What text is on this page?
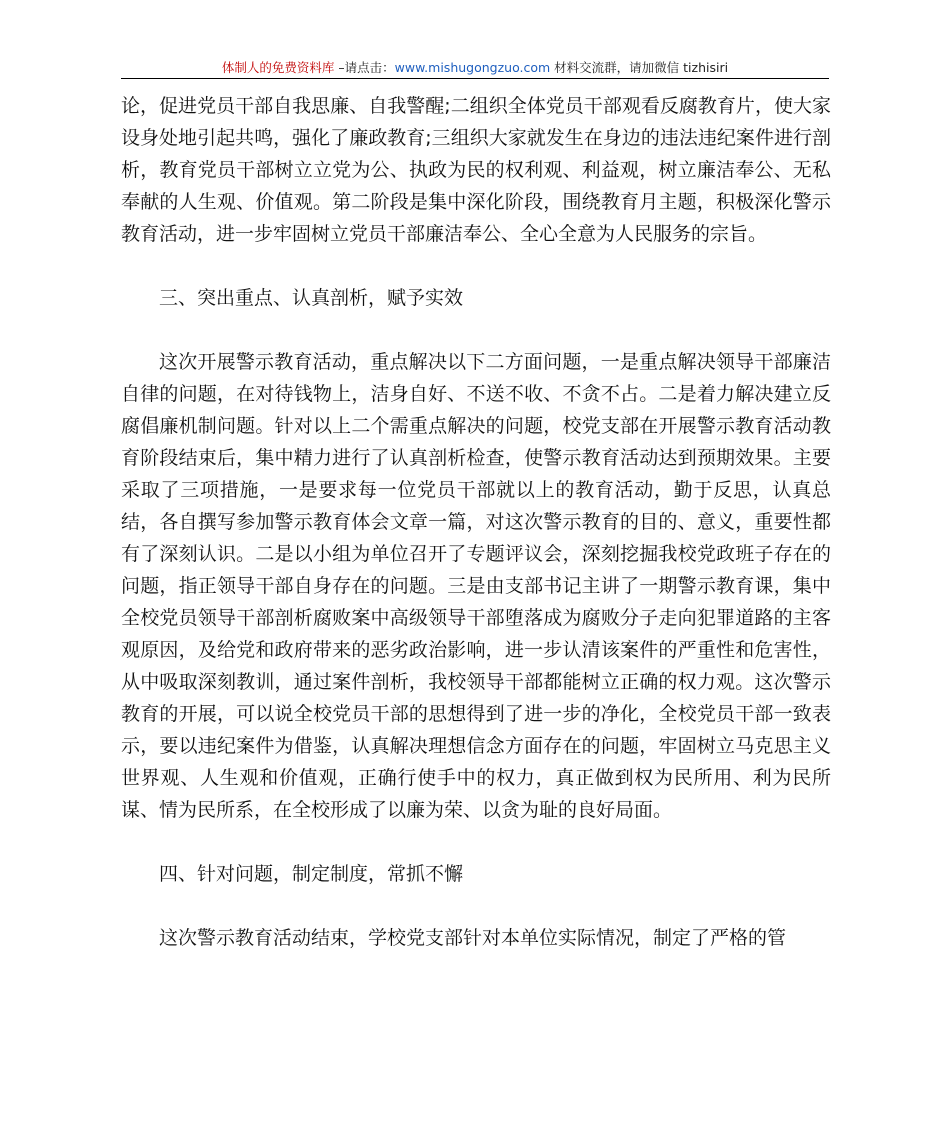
体制人的免费资料库 –请点击：www.mishugongzuo.com 材料交流群，请加微信 tizhisiri

论，促进党员干部自我思廉、自我警醒;二组织全体党员干部观看反腐教育片，使大家设身处地引起共鸣，强化了廉政教育;三组织大家就发生在身边的违法违纪案件进行剖析，教育党员干部树立立党为公、执政为民的权利观、利益观，树立廉洁奉公、无私奉献的人生观、价值观。第二阶段是集中深化阶段，围绕教育月主题，积极深化警示教育活动，进一步牢固树立党员干部廉洁奉公、全心全意为人民服务的宗旨。

三、突出重点、认真剖析，赋予实效

这次开展警示教育活动，重点解决以下二方面问题，一是重点解决领导干部廉洁自律的问题，在对待钱物上，洁身自好、不送不收、不贪不占。二是着力解决建立反腐倡廉机制问题。针对以上二个需重点解决的问题，校党支部在开展警示教育活动教育阶段结束后，集中精力进行了认真剖析检查，使警示教育活动达到预期效果。主要采取了三项措施，一是要求每一位党员干部就以上的教育活动，勤于反思，认真总结，各自撰写参加警示教育体会文章一篇，对这次警示教育的目的、意义，重要性都有了深刻认识。二是以小组为单位召开了专题评议会，深刻挖掘我校党政班子存在的问题，指正领导干部自身存在的问题。三是由支部书记主讲了一期警示教育课，集中全校党员领导干部剖析腐败案中高级领导干部堕落成为腐败分子走向犯罪道路的主客观原因，及给党和政府带来的恶劣政治影响，进一步认清该案件的严重性和危害性，从中吸取深刻教训，通过案件剖析，我校领导干部都能树立正确的权力观。这次警示教育的开展，可以说全校党员干部的思想得到了进一步的净化，全校党员干部一致表示，要以违纪案件为借鉴，认真解决理想信念方面存在的问题，牢固树立马克思主义世界观、人生观和价值观，正确行使手中的权力，真正做到权为民所用、利为民所谋、情为民所系，在全校形成了以廉为荣、以贪为耻的良好局面。

四、针对问题，制定制度，常抓不懈

这次警示教育活动结束，学校党支部针对本单位实际情况，制定了严格的管
